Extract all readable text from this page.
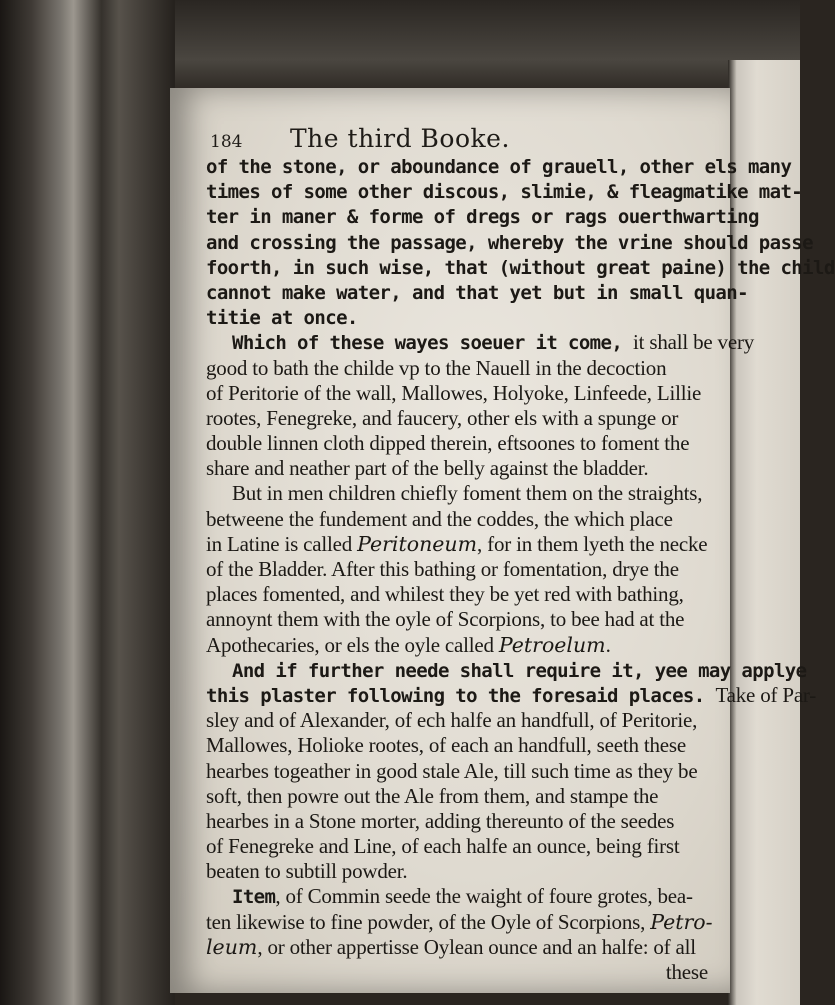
184 The third Booke.
of the stone, or aboundance of grauell, other els many
times of some other discous, slimie, & fleagmatike mat-
ter in maner & forme of dregs or rags ouerthwarting
and crossing the passage, whereby the vrine should passe
foorth, in such wise, that (without great paine) the child
cannot make water, and that yet but in small quan-
titie at once.
Which of these wayes soeuer it come, it shall be very
good to bath the childe vp to the Nauell in the decoction
of Peritorie of the wall, Mallowes, Holyoke, Linfeede, Lillie
rootes, Fenegreke, and faucery, other els with a spunge or
double linnen cloth dipped therein, eftsoones to foment the
share and neather part of the belly against the bladder.
But in men children chiefly foment them on the straights,
betweene the fundement and the coddes, the which place
in Latine is called Peritoneum, for in them lyeth the necke
of the Bladder. After this bathing or fomentation, drye the
places fomented, and whilest they be yet red with bathing,
annoynt them with the oyle of Scorpions, to bee had at the
Apothecaries, or els the oyle called Petroelum.
And if further neede shall require it, yee may applye
this plaster following to the foresaid places. Take of Par-
sley and of Alexander, of ech halfe an handfull, of Peritorie,
Mallowes, Holioke rootes, of each an handfull, seeth these
hearbes togeather in good stale Ale, till such time as they be
soft, then powre out the Ale from them, and stampe the
hearbes in a Stone morter, adding thereunto of the seedes
of Fenegreke and Line, of each halfe an ounce, being first
beaten to subtill powder.
Item, of Commin seede the waight of foure grotes, bea-
ten likewise to fine powder, of the Oyle of Scorpions, Petro-
leum, or other appertisse Oylean ounce and an halfe: of all
these
